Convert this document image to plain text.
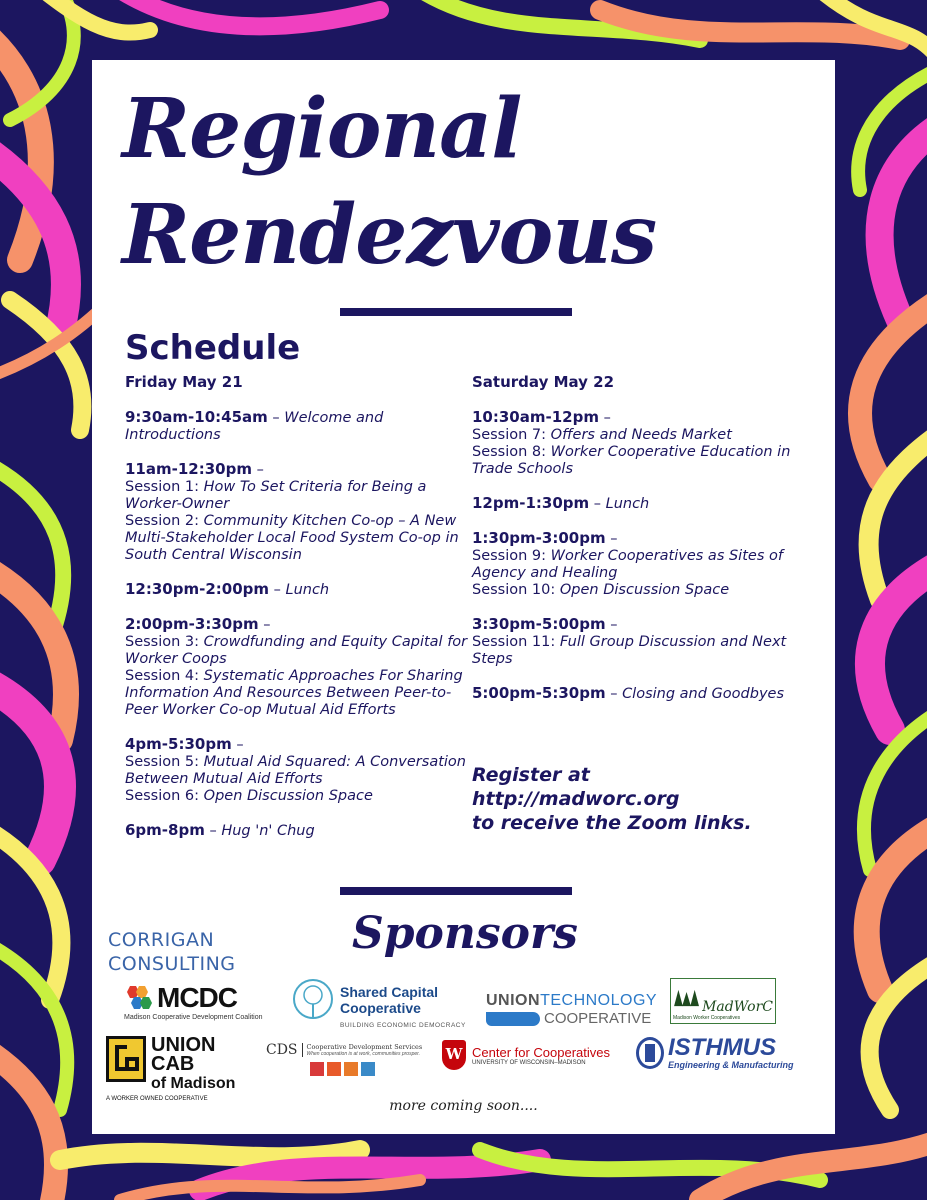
Regional
Rendezvous
Schedule
Friday May 21
9:30am-10:45am – Welcome and Introductions
11am-12:30pm –
Session 1: How To Set Criteria for Being a Worker-Owner
Session 2: Community Kitchen Co-op – A New Multi-Stakeholder Local Food System Co-op in South Central Wisconsin
12:30pm-2:00pm – Lunch
2:00pm-3:30pm –
Session 3: Crowdfunding and Equity Capital for Worker Coops
Session 4: Systematic Approaches For Sharing Information And Resources Between Peer-to-Peer Worker Co-op Mutual Aid Efforts
4pm-5:30pm –
Session 5: Mutual Aid Squared: A Conversation Between Mutual Aid Efforts
Session 6: Open Discussion Space
6pm-8pm – Hug 'n' Chug
Saturday May 22
10:30am-12pm –
Session 7: Offers and Needs Market
Session 8: Worker Cooperative Education in Trade Schools
12pm-1:30pm – Lunch
1:30pm-3:00pm –
Session 9: Worker Cooperatives as Sites of Agency and Healing
Session 10: Open Discussion Space
3:30pm-5:00pm –
Session 11: Full Group Discussion and Next Steps
5:00pm-5:30pm – Closing and Goodbyes
Register at
http://madworc.org
to receive the Zoom links.
Sponsors
CORRIGAN
CONSULTING
MCDC
Madison Cooperative Development Coalition
Shared Capital
Cooperative
BUILDING ECONOMIC DEMOCRACY
UNIONTECHNOLOGY
COOPERATIVE
MadWorC
Madison Worker Cooperatives
UNION
CAB
of Madison
A WORKER OWNED COOPERATIVE
CDS Cooperative Development Services
When cooperation is at work, communities prosper. W Center for Cooperatives
UNIVERSITY OF WISCONSIN–MADISON
ISTHMUS
Engineering & Manufacturing
more coming soon....
